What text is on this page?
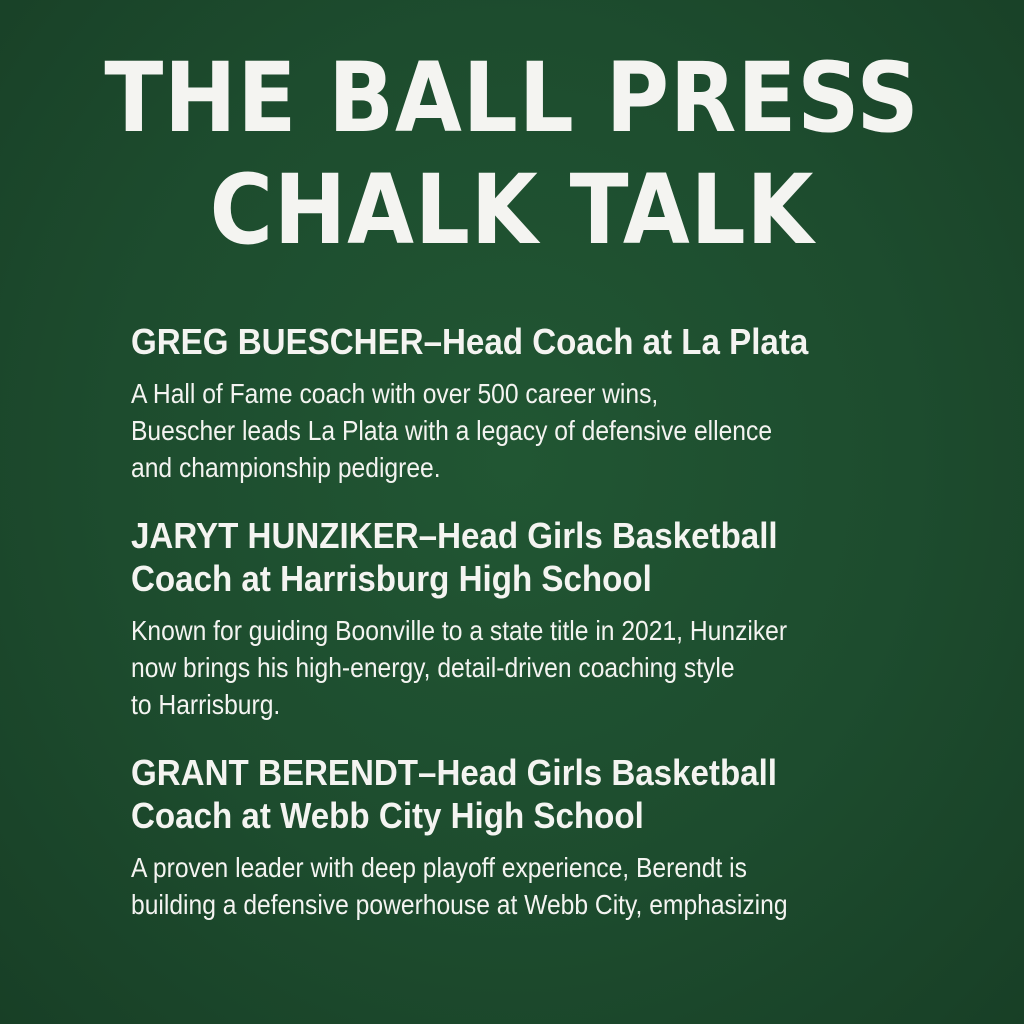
THE BALL PRESS
CHALK TALK
GREG BUESCHER–Head Coach at La Plata

A Hall of Fame coach with over 500 career wins,
Buescher leads La Plata with a legacy of defensive ellence
and championship pedigree.

JARYT HUNZIKER–Head Girls Basketball
Coach at Harrisburg High School

Known for guiding Boonville to a state title in 2021, Hunziker
now brings his high-energy, detail-driven coaching style
to Harrisburg.

GRANT BERENDT–Head Girls Basketball
Coach at Webb City High School

A proven leader with deep playoff experience, Berendt is
building a defensive powerhouse at Webb City, emphasizing
